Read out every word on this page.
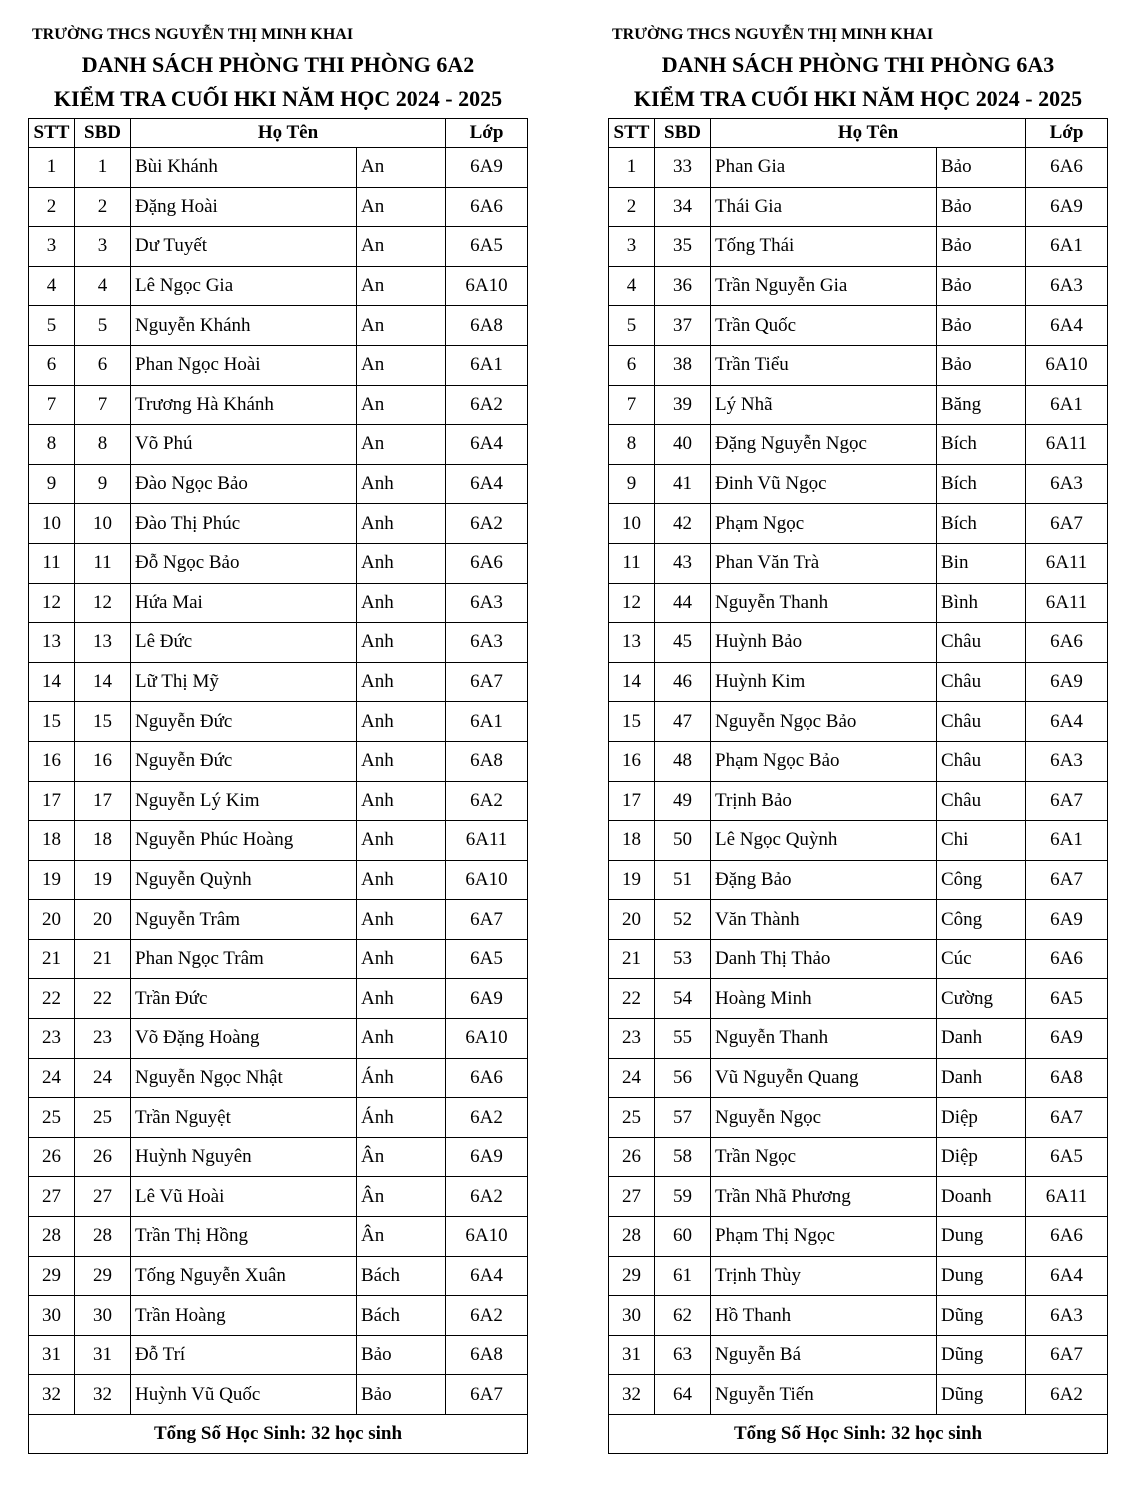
TRƯỜNG THCS NGUYỄN THỊ MINH KHAI
DANH SÁCH PHÒNG THI PHÒNG 6A2
KIỂM TRA CUỐI HKI NĂM HỌC 2024 - 2025
STT	SBD	Họ Tên		Lớp
1	1	Bùi Khánh	An	6A9
2	2	Đặng Hoài	An	6A6
3	3	Dư Tuyết	An	6A5
4	4	Lê Ngọc Gia	An	6A10
5	5	Nguyễn Khánh	An	6A8
6	6	Phan Ngọc Hoài	An	6A1
7	7	Trương Hà Khánh	An	6A2
8	8	Võ Phú	An	6A4
9	9	Đào Ngọc Bảo	Anh	6A4
10	10	Đào Thị Phúc	Anh	6A2
11	11	Đỗ Ngọc Bảo	Anh	6A6
12	12	Hứa Mai	Anh	6A3
13	13	Lê Đức	Anh	6A3
14	14	Lữ Thị Mỹ	Anh	6A7
15	15	Nguyễn Đức	Anh	6A1
16	16	Nguyễn Đức	Anh	6A8
17	17	Nguyễn Lý Kim	Anh	6A2
18	18	Nguyễn Phúc Hoàng	Anh	6A11
19	19	Nguyễn Quỳnh	Anh	6A10
20	20	Nguyễn Trâm	Anh	6A7
21	21	Phan Ngọc Trâm	Anh	6A5
22	22	Trần Đức	Anh	6A9
23	23	Võ Đặng Hoàng	Anh	6A10
24	24	Nguyễn Ngọc Nhật	Ánh	6A6
25	25	Trần Nguyệt	Ánh	6A2
26	26	Huỳnh Nguyên	Ân	6A9
27	27	Lê Vũ Hoài	Ân	6A2
28	28	Trần Thị Hồng	Ân	6A10
29	29	Tống Nguyễn Xuân	Bách	6A4
30	30	Trần Hoàng	Bách	6A2
31	31	Đỗ Trí	Bảo	6A8
32	32	Huỳnh Vũ Quốc	Bảo	6A7
Tổng Số Học Sinh: 32 học sinh				
TRƯỜNG THCS NGUYỄN THỊ MINH KHAI
DANH SÁCH PHÒNG THI PHÒNG 6A3
KIỂM TRA CUỐI HKI NĂM HỌC 2024 - 2025
STT	SBD	Họ Tên		Lớp
1	33	Phan Gia	Bảo	6A6
2	34	Thái Gia	Bảo	6A9
3	35	Tống Thái	Bảo	6A1
4	36	Trần Nguyễn Gia	Bảo	6A3
5	37	Trần Quốc	Bảo	6A4
6	38	Trần Tiểu	Bảo	6A10
7	39	Lý Nhã	Băng	6A1
8	40	Đặng Nguyễn Ngọc	Bích	6A11
9	41	Đinh Vũ Ngọc	Bích	6A3
10	42	Phạm Ngọc	Bích	6A7
11	43	Phan Văn Trà	Bin	6A11
12	44	Nguyễn Thanh	Bình	6A11
13	45	Huỳnh Bảo	Châu	6A6
14	46	Huỳnh Kim	Châu	6A9
15	47	Nguyễn Ngọc Bảo	Châu	6A4
16	48	Phạm Ngọc Bảo	Châu	6A3
17	49	Trịnh Bảo	Châu	6A7
18	50	Lê Ngọc Quỳnh	Chi	6A1
19	51	Đặng Bảo	Công	6A7
20	52	Văn Thành	Công	6A9
21	53	Danh Thị Thảo	Cúc	6A6
22	54	Hoàng Minh	Cường	6A5
23	55	Nguyễn Thanh	Danh	6A9
24	56	Vũ Nguyễn Quang	Danh	6A8
25	57	Nguyễn Ngọc	Diệp	6A7
26	58	Trần Ngọc	Diệp	6A5
27	59	Trần Nhã Phương	Doanh	6A11
28	60	Phạm Thị Ngọc	Dung	6A6
29	61	Trịnh Thùy	Dung	6A4
30	62	Hồ Thanh	Dũng	6A3
31	63	Nguyễn Bá	Dũng	6A7
32	64	Nguyễn Tiến	Dũng	6A2
Tổng Số Học Sinh: 32 học sinh				
